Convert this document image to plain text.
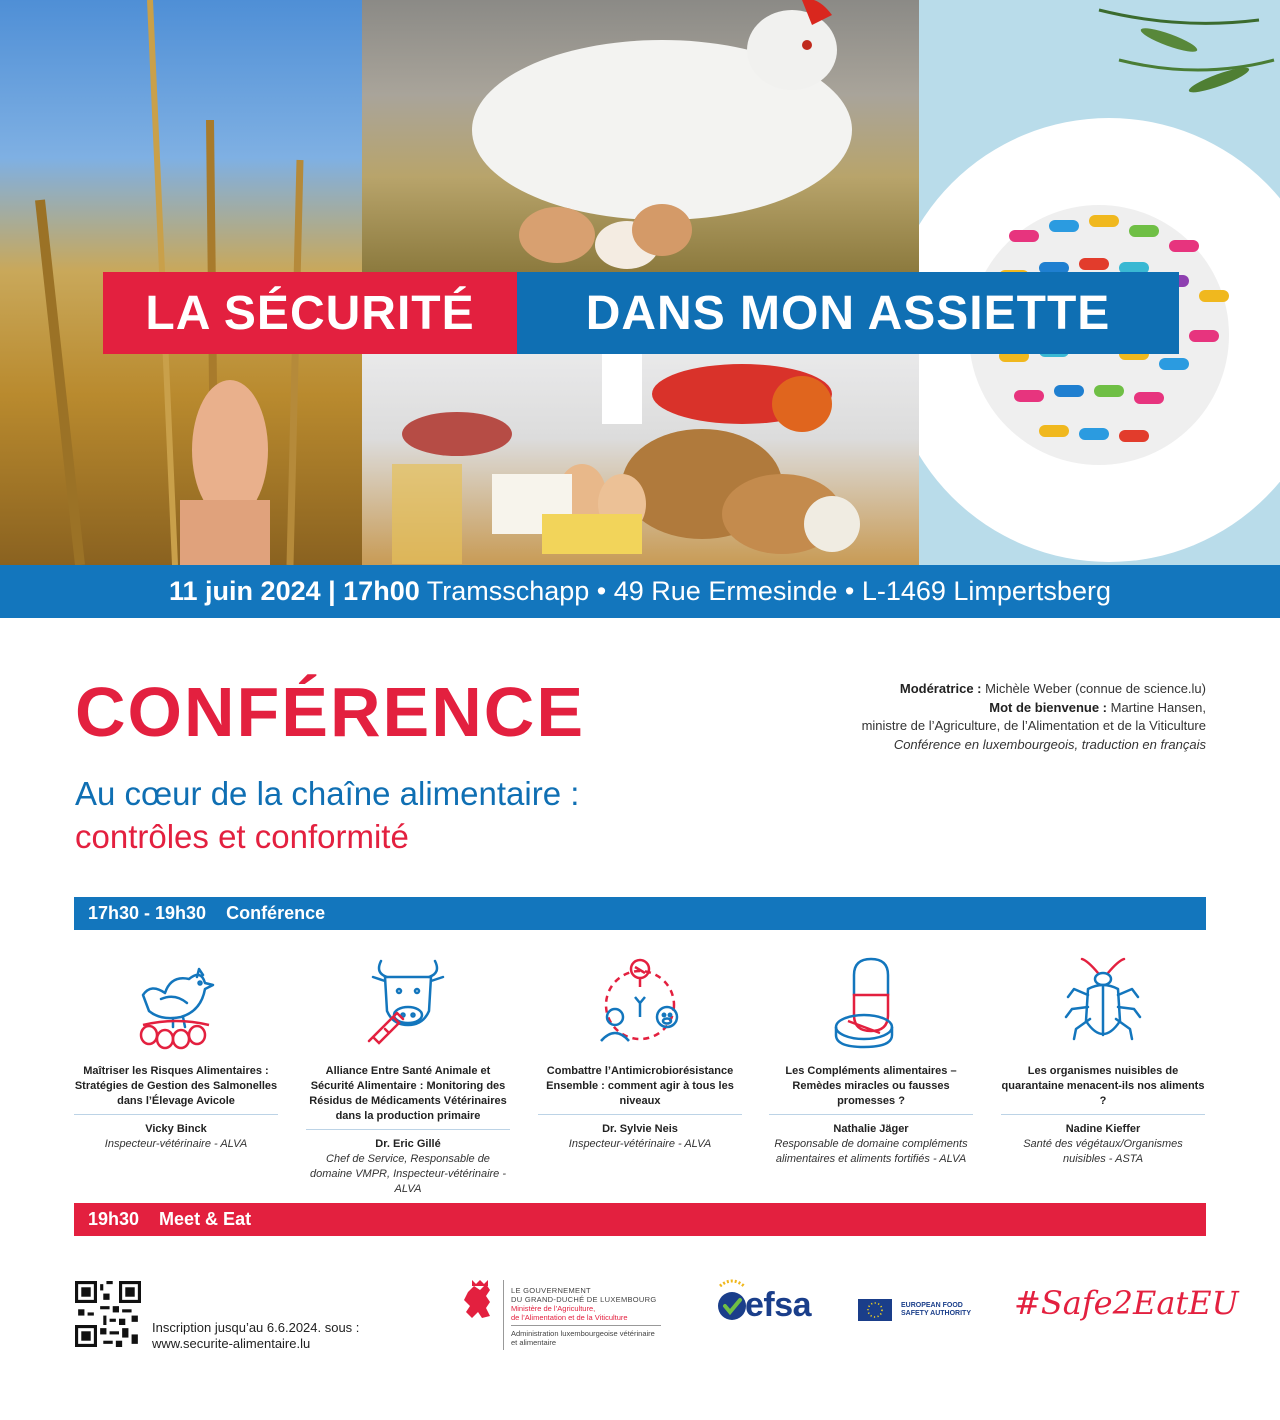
LA SÉCURITÉ	DANS MON ASSIETTE
11 juin 2024 | 17h00 Tramsschapp • 49 Rue Ermesinde • L-1469 Limpertsberg
CONFÉRENCE
Au cœur de la chaîne alimentaire :
contrôles et conformité
Modératrice : Michèle Weber (connue de science.lu)
Mot de bienvenue : Martine Hansen,
ministre de l’Agriculture, de l’Alimentation et de la Viticulture
Conférence en luxembourgeois, traduction en français
17h30 - 19h30 Conférence
Maîtriser les Risques Alimentaires : Stratégies de Gestion des Salmonelles dans l’Élevage Avicole
Vicky Binck
Inspecteur-vétérinaire - ALVA
Alliance Entre Santé Animale et Sécurité Alimentaire : Monitoring des Résidus de Médicaments Vétérinaires dans la production primaire
Dr. Eric Gillé
Chef de Service, Responsable de domaine VMPR, Inspecteur-vétérinaire - ALVA
Combattre l’Antimicrobiorésistance Ensemble : comment agir à tous les niveaux
Dr. Sylvie Neis
Inspecteur-vétérinaire - ALVA
Les Compléments alimentaires – Remèdes miracles ou fausses promesses ?
Nathalie Jäger
Responsable de domaine compléments alimentaires et aliments fortifiés - ALVA
Les organismes nuisibles de quarantaine menacent-ils nos aliments ?
Nadine Kieffer
Santé des végétaux/Organismes nuisibles - ASTA
19h30 Meet & Eat
Inscription jusqu’au 6.6.2024. sous :
www.securite-alimentaire.lu
LE GOUVERNEMENT
DU GRAND-DUCHÉ DE LUXEMBOURG
Ministère de l’Agriculture,
de l’Alimentation et de la Viticulture
Administration luxembourgeoise vétérinaire
et alimentaire
efsa	EUROPEAN FOOD
SAFETY AUTHORITY #Safe2EatEU
